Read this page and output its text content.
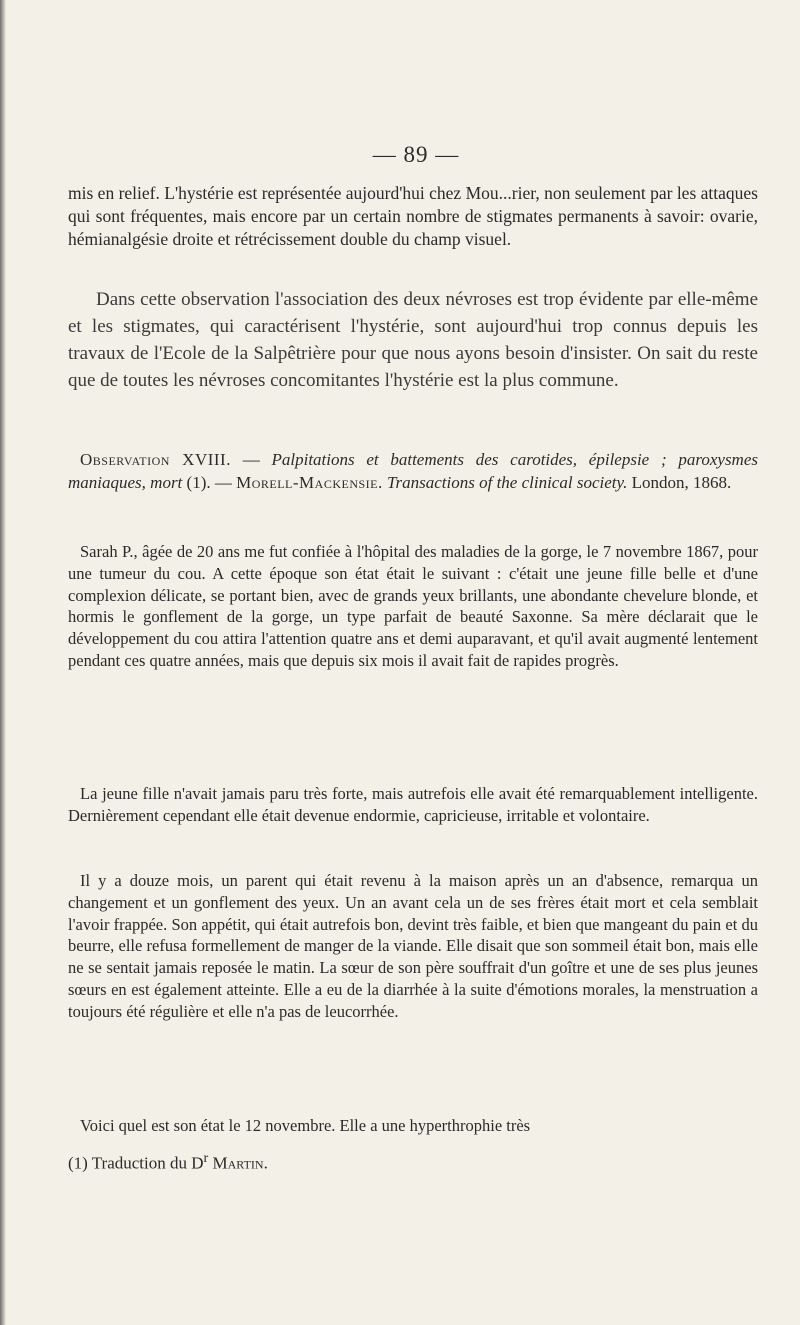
— 89 —

mis en relief. L'hystérie est représentée aujourd'hui chez Mou...rier, non seulement par les attaques qui sont fréquentes, mais encore par un certain nombre de stigmates permanents à savoir: ovarie, hémianalgésie droite et rétrécissement double du champ visuel.

Dans cette observation l'association des deux névroses est trop évidente par elle-même et les stigmates, qui caractérisent l'hystérie, sont aujourd'hui trop connus depuis les travaux de l'Ecole de la Salpêtrière pour que nous ayons besoin d'insister. On sait du reste que de toutes les névroses concomitantes l'hystérie est la plus commune.

Observation XVIII. — Palpitations et battements des carotides, épilepsie ; paroxysmes maniaques, mort (1). — Morell-Mackensie. Transactions of the clinical society. London, 1868.

Sarah P., âgée de 20 ans me fut confiée à l'hôpital des maladies de la gorge, le 7 novembre 1867, pour une tumeur du cou. A cette époque son état était le suivant : c'était une jeune fille belle et d'une complexion délicate, se portant bien, avec de grands yeux brillants, une abondante chevelure blonde, et hormis le gonflement de la gorge, un type parfait de beauté Saxonne. Sa mère déclarait que le développement du cou attira l'attention quatre ans et demi auparavant, et qu'il avait augmenté lentement pendant ces quatre années, mais que depuis six mois il avait fait de rapides progrès.

La jeune fille n'avait jamais paru très forte, mais autrefois elle avait été remarquablement intelligente. Dernièrement cependant elle était devenue endormie, capricieuse, irritable et volontaire.

Il y a douze mois, un parent qui était revenu à la maison après un an d'absence, remarqua un changement et un gonflement des yeux. Un an avant cela un de ses frères était mort et cela semblait l'avoir frappée. Son appétit, qui était autrefois bon, devint très faible, et bien que mangeant du pain et du beurre, elle refusa formellement de manger de la viande. Elle disait que son sommeil était bon, mais elle ne se sentait jamais reposée le matin. La sœur de son père souffrait d'un goître et une de ses plus jeunes sœurs en est également atteinte. Elle a eu de la diarrhée à la suite d'émotions morales, la menstruation a toujours été régulière et elle n'a pas de leucorrhée.

Voici quel est son état le 12 novembre. Elle a une hyperthrophie très

(1) Traduction du $D^r$ Martin.
